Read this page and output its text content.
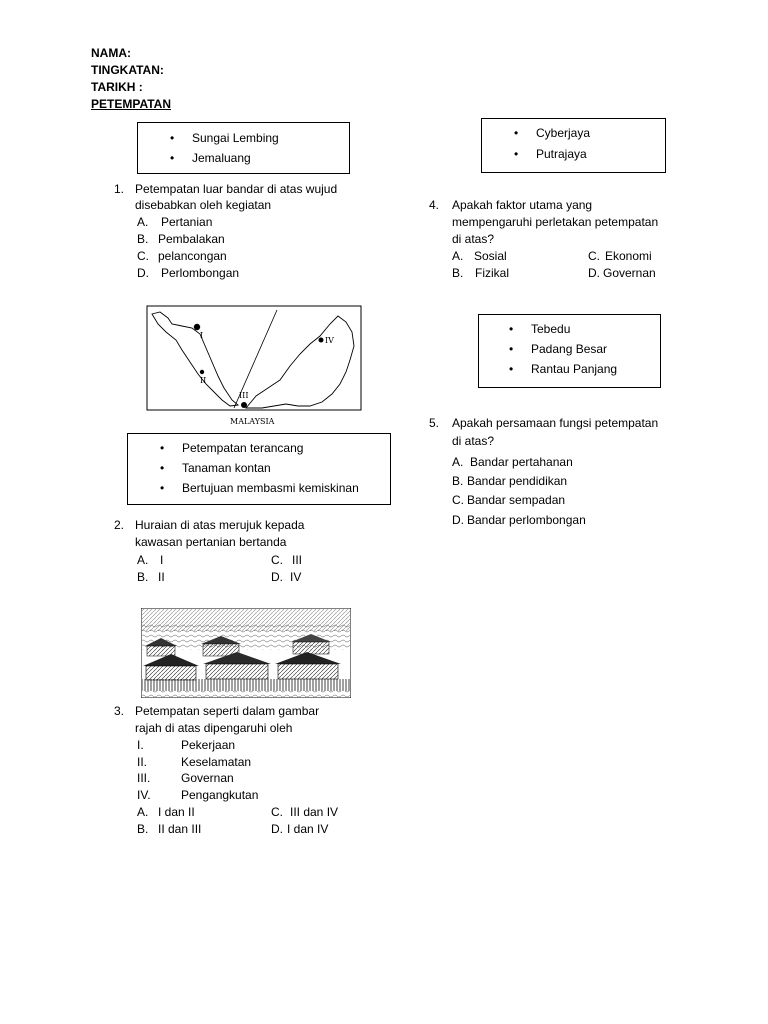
NAMA:
TINGKATAN:
TARIKH :
PETEMPATAN
• Sungai Lembing
• Jemaluang
1. Petempatan luar bandar di atas wujud
disebabkan oleh kegiatan
A. Pertanian
B. Pembalakan
C. pelancongan
D. Perlombongan
I
II
III
IV
MALAYSIA
• Petempatan terancang
• Tanaman kontan
• Bertujuan membasmi kemiskinan
2. Huraian di atas merujuk kepada
kawasan pertanian bertanda
A. I
B. II
C. III
D. IV
3. Petempatan seperti dalam gambar
rajah di atas dipengaruhi oleh
I.	Pekerjaan
II.	Keselamatan
III.	Governan
IV.	Pengangkutan
A. I dan II
B. II dan III
C. III dan IV
D. I dan IV
• Cyberjaya
• Putrajaya
4. Apakah faktor utama yang
mempengaruhi perletakan petempatan
di atas?
A. Sosial
B. Fizikal
C. Ekonomi
D. Governan
• Tebedu
• Padang Besar
• Rantau Panjang
5. Apakah persamaan fungsi petempatan
di atas?
A. Bandar pertahanan
B. Bandar pendidikan
C. Bandar sempadan
D. Bandar perlombongan
